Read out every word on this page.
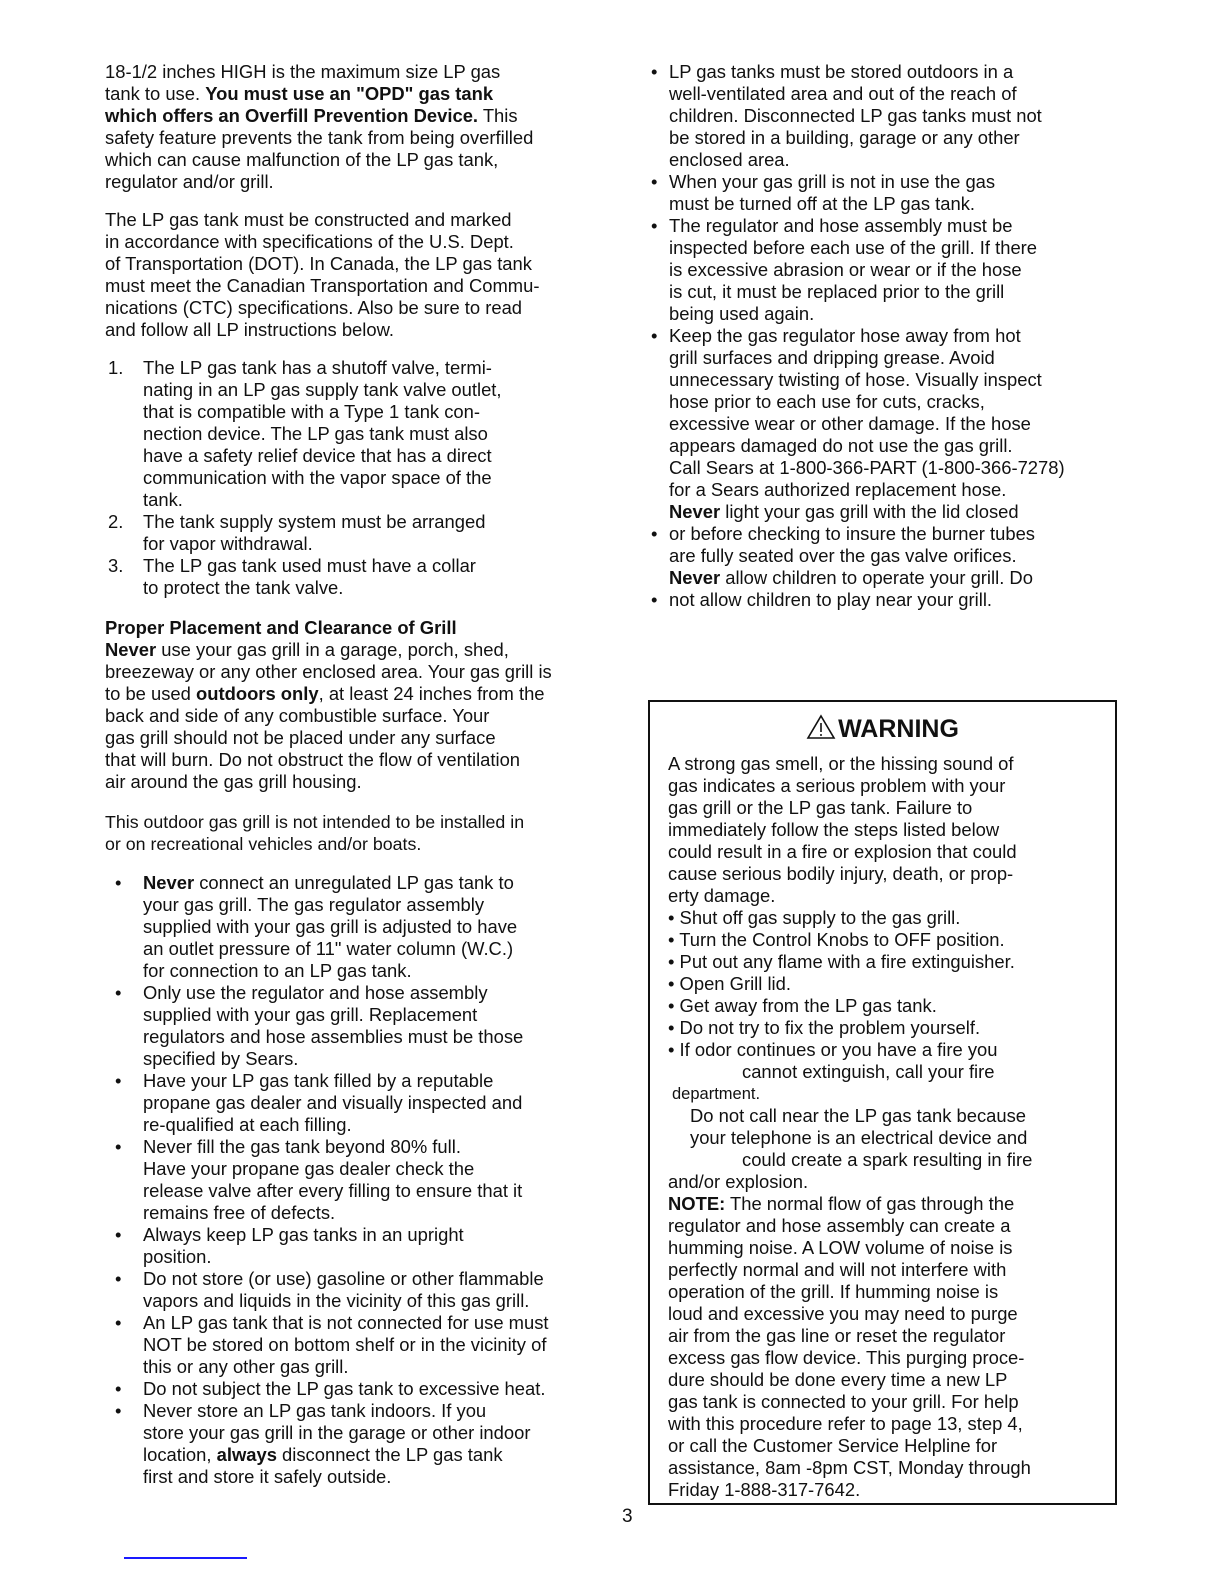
18-1/2 inches HIGH is the maximum size LP gas
tank to use. You must use an "OPD" gas tank
which offers an Overfill Prevention Device. This
safety feature prevents the tank from being overfilled
which can cause malfunction of the LP gas tank,
regulator and/or grill.
The LP gas tank must be constructed and marked
in accordance with specifications of the U.S. Dept.
of Transportation (DOT). In Canada, the LP gas tank
must meet the Canadian Transportation and Commu-
nications (CTC) specifications. Also be sure to read
and follow all LP instructions below.
1. The LP gas tank has a shutoff valve, termi-
nating in an LP gas supply tank valve outlet,
that is compatible with a Type 1 tank con-
nection device. The LP gas tank must also
have a safety relief device that has a direct
communication with the vapor space of the
tank.
2. The tank supply system must be arranged
for vapor withdrawal.
3. The LP gas tank used must have a collar
to protect the tank valve.
Proper Placement and Clearance of Grill
Never use your gas grill in a garage, porch, shed,
breezeway or any other enclosed area. Your gas grill is
to be used outdoors only, at least 24 inches from the
back and side of any combustible surface. Your
gas grill should not be placed under any surface
that will burn. Do not obstruct the flow of ventilation
air around the gas grill housing.
This outdoor gas grill is not intended to be installed in
or on recreational vehicles and/or boats.
• Never connect an unregulated LP gas tank to
your gas grill. The gas regulator assembly
supplied with your gas grill is adjusted to have
an outlet pressure of 11" water column (W.C.)
for connection to an LP gas tank.
• Only use the regulator and hose assembly
supplied with your gas grill. Replacement
regulators and hose assemblies must be those
specified by Sears.
• Have your LP gas tank filled by a reputable
propane gas dealer and visually inspected and
re-qualified at each filling.
• Never fill the gas tank beyond 80% full.
Have your propane gas dealer check the
release valve after every filling to ensure that it
remains free of defects.
• Always keep LP gas tanks in an upright
position.
• Do not store (or use) gasoline or other flammable
vapors and liquids in the vicinity of this gas grill.
• An LP gas tank that is not connected for use must
NOT be stored on bottom shelf or in the vicinity of
this or any other gas grill.
• Do not subject the LP gas tank to excessive heat.
• Never store an LP gas tank indoors. If you
store your gas grill in the garage or other indoor
location, always disconnect the LP gas tank
first and store it safely outside.
• LP gas tanks must be stored outdoors in a
well-ventilated area and out of the reach of
children. Disconnected LP gas tanks must not
be stored in a building, garage or any other
enclosed area.
• When your gas grill is not in use the gas
must be turned off at the LP gas tank.
• The regulator and hose assembly must be
inspected before each use of the grill. If there
is excessive abrasion or wear or if the hose
is cut, it must be replaced prior to the grill
being used again.
• Keep the gas regulator hose away from hot
grill surfaces and dripping grease. Avoid
unnecessary twisting of hose. Visually inspect
hose prior to each use for cuts, cracks,
excessive wear or other damage. If the hose
appears damaged do not use the gas grill.
Call Sears at 1-800-366-PART (1-800-366-7278)
for a Sears authorized replacement hose.
•
Never light your gas grill with the lid closed
or before checking to insure the burner tubes
are fully seated over the gas valve orifices.
•
Never allow children to operate your grill. Do
not allow children to play near your grill.
WARNING
A strong gas smell, or the hissing sound of
gas indicates a serious problem with your
gas grill or the LP gas tank. Failure to
immediately follow the steps listed below
could result in a fire or explosion that could
cause serious bodily injury, death, or prop-
erty damage.
• Shut off gas supply to the gas grill.
• Turn the Control Knobs to OFF position.
• Put out any flame with a fire extinguisher.
• Open Grill lid.
• Get away from the LP gas tank.
• Do not try to fix the problem yourself.
• If odor continues or you have a fire you
cannot extinguish, call your fire
department.
Do not call near the LP gas tank because
your telephone is an electrical device and
could create a spark resulting in fire
and/or explosion.
NOTE: The normal flow of gas through the
regulator and hose assembly can create a
humming noise. A LOW volume of noise is
perfectly normal and will not interfere with
operation of the grill. If humming noise is
loud and excessive you may need to purge
air from the gas line or reset the regulator
excess gas flow device. This purging proce-
dure should be done every time a new LP
gas tank is connected to your grill. For help
with this procedure refer to page 13, step 4,
or call the Customer Service Helpline for
assistance, 8am -8pm CST, Monday through
Friday 1-888-317-7642.
3
